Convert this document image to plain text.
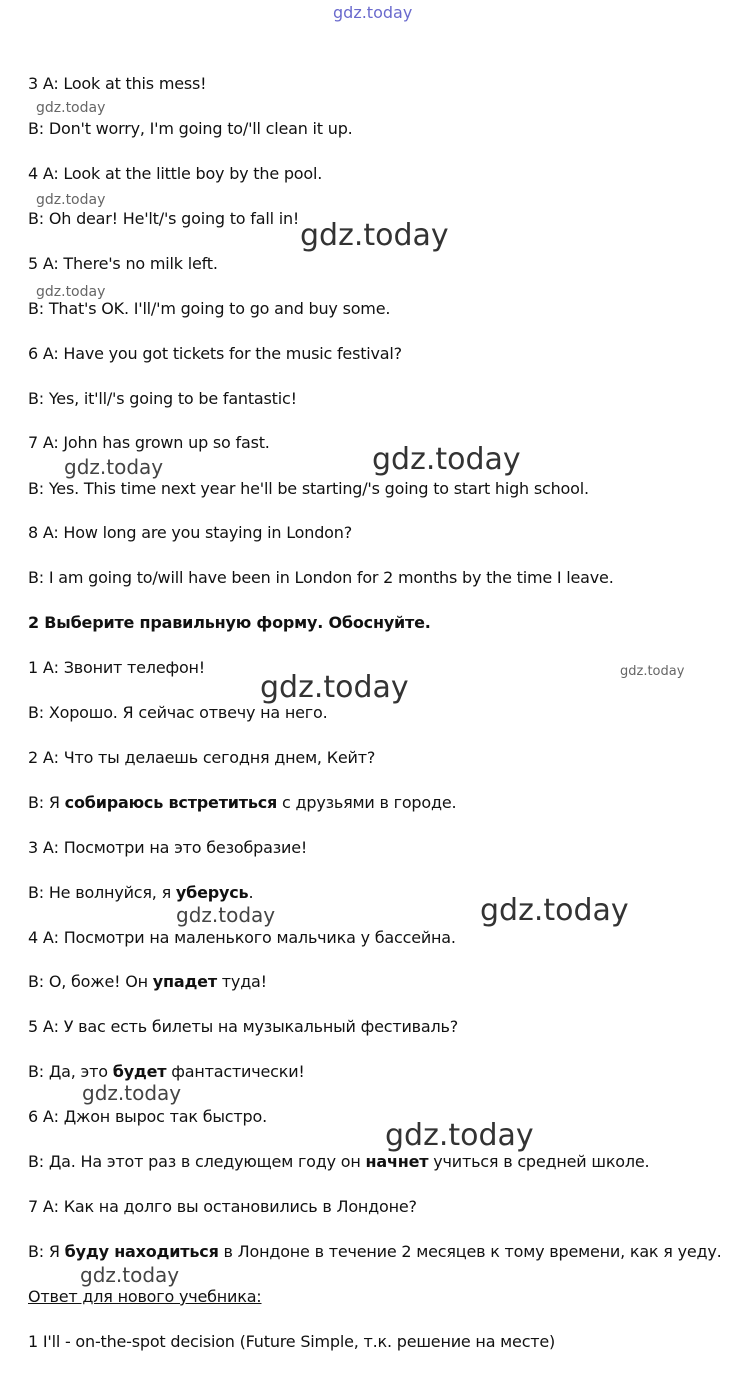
gdz.today
gdz.today
gdz.today
gdz.today
gdz.today
gdz.today	gdz.today
gdz.today
gdz.today
gdz.today	gdz.today
gdz.today
gdz.today
gdz.today
3 A: Look at this mess!
B: Don't worry, I'm going to/'ll clean it up.
4 A: Look at the little boy by the pool.
B: Oh dear! He'lt/'s going to fall in!
5 A: There's no milk left.
B: That's OK. I'll/'m going to go and buy some.
6 A: Have you got tickets for the music festival?
B: Yes, it'll/'s going to be fantastic!
7 A: John has grown up so fast.
B: Yes. This time next year he'll be starting/'s going to start high school.
8 A: How long are you staying in London?
B: I am going to/will have been in London for 2 months by the time I leave.
2 Выберите правильную форму. Обоснуйте.
1 А: Звонит телефон!
В: Хорошо. Я сейчас отвечу на него.
2 А: Что ты делаешь сегодня днем, Кейт?
В: Я собираюсь встретиться с друзьями в городе.
3 А: Посмотри на это безобразие!
В: Не волнуйся, я уберусь.
4 А: Посмотри на маленького мальчика у бассейна.
В: О, боже! Он упадет туда!
5 А: У вас есть билеты на музыкальный фестиваль?
В: Да, это будет фантастически!
6 А: Джон вырос так быстро.
В: Да. На этот раз в следующем году он начнет учиться в средней школе.
7 А: Как на долго вы остановились в Лондоне?
В: Я буду находиться в Лондоне в течение 2 месяцев к тому времени, как я уеду.
Ответ для нового учебника:
1 I'll - on-the-spot decision (Future Simple, т.к. решение на месте)
